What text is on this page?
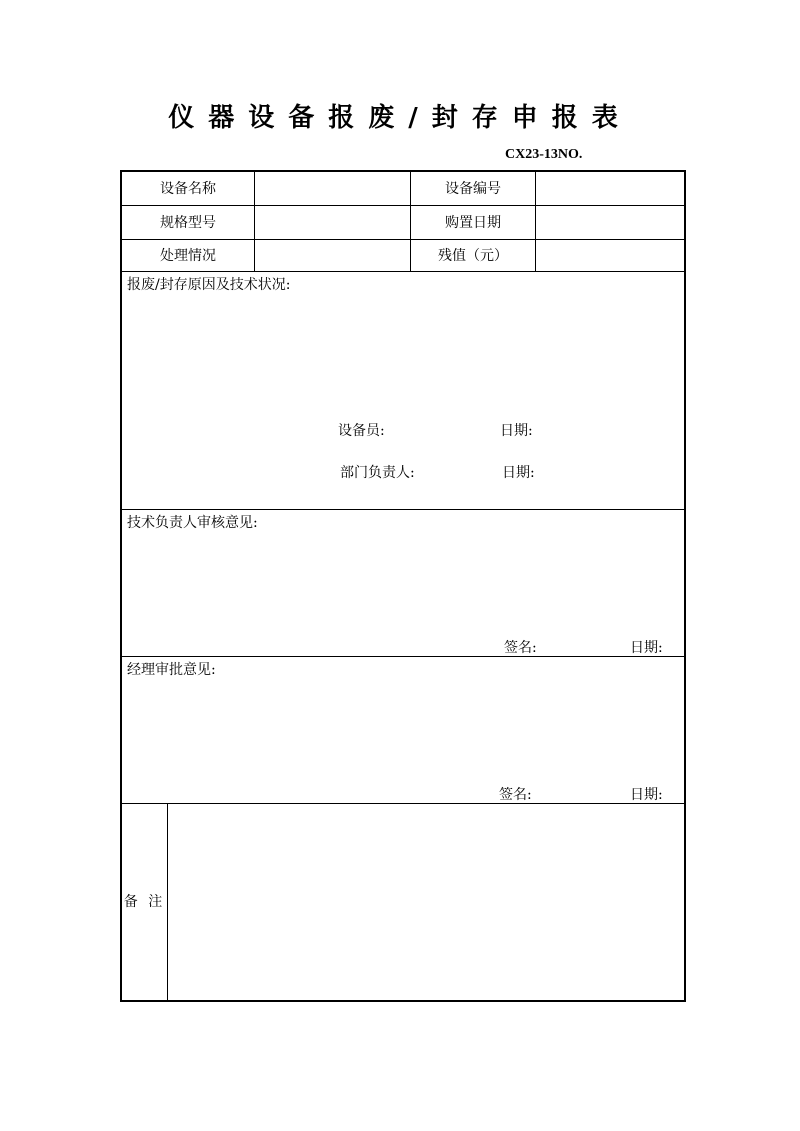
仪器设备报废/封存申报表
CX23-13NO.
设备名称	设备编号
规格型号	购置日期
处理情况	残值（元）
报废/封存原因及技术状况:
设备员:	日期:
部门负责人:	日期:
技术负责人审核意见:
签名:	日期:
经理审批意见:
签名:	日期:
备 注
